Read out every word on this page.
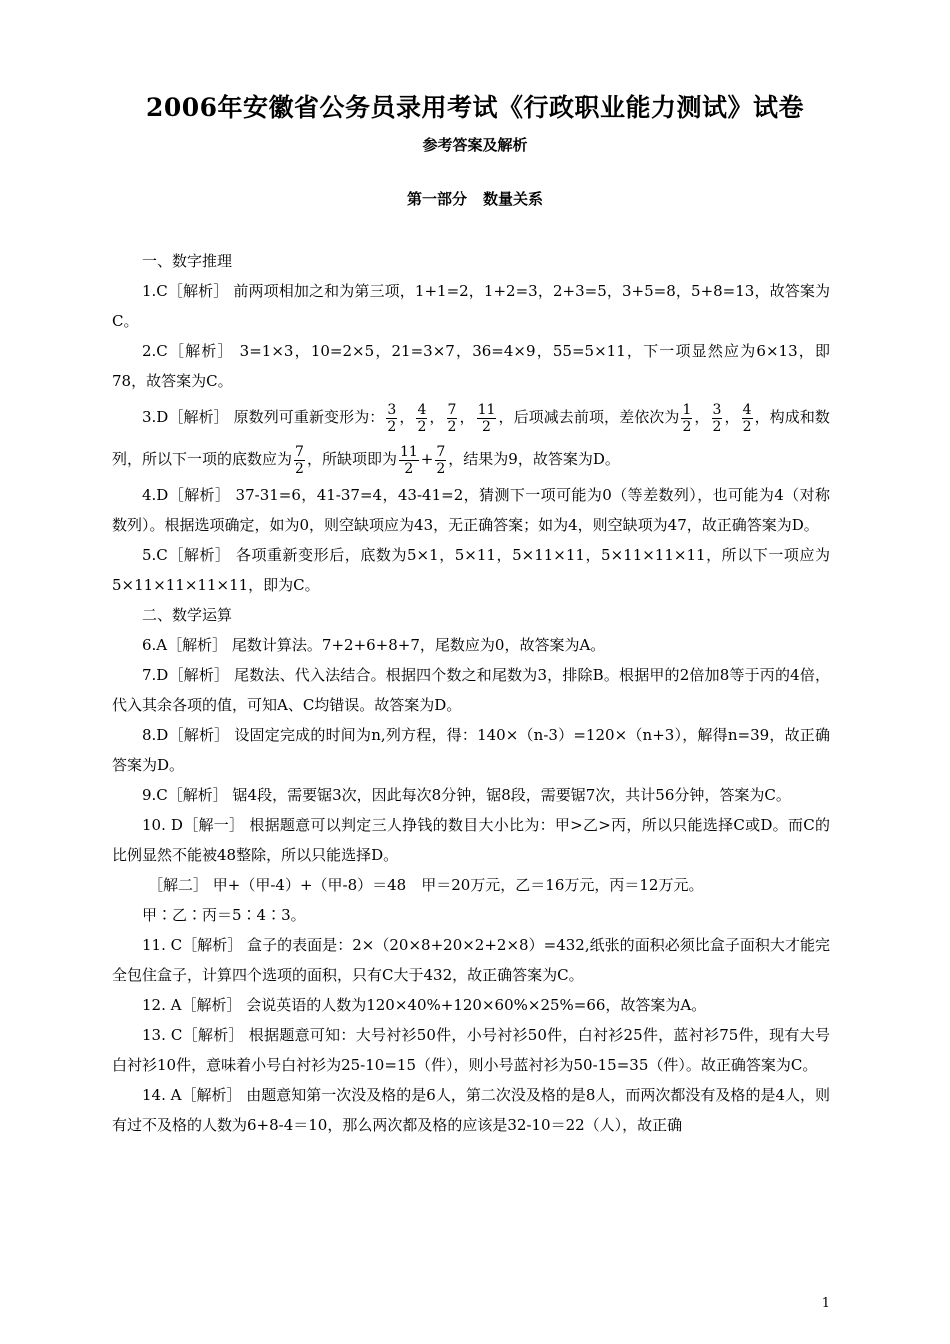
2006年安徽省公务员录用考试《行政职业能力测试》试卷
参考答案及解析
第一部分 数量关系

一、数字推理

1.C［解析］ 前两项相加之和为第三项，1+1=2，1+2=3，2+3=5，3+5=8，5+8=13，故答案为C。

2.C［解析］ 3=1×3，10=2×5，21=3×7，36=4×9，55=5×11，下一项显然应为6×13，即78，故答案为C。

3.D［解析］ 原数列可重新变形为： $\frac{3}{2}$ ， $\frac{4}{2}$ ， $\frac{7}{2}$ ， $\frac{11}{2}$ ，后项减去前项，差依次为 $\frac{1}{2}$ ， $\frac{3}{2}$ ， $\frac{4}{2}$ ，构成和数列，所以下一项的底数应为 $\frac{7}{2}$ ，所缺项即为 $\frac{11}{2} + \frac{7}{2}$ ，结果为9，故答案为D。

4.D［解析］ 37-31=6，41-37=4，43-41=2，猜测下一项可能为0（等差数列），也可能为4（对称数列）。根据选项确定，如为0，则空缺项应为43，无正确答案；如为4，则空缺项为47，故正确答案为D。

5.C［解析］ 各项重新变形后，底数为5×1，5×11，5×11×11，5×11×11×11，所以下一项应为5×11×11×11×11，即为C。

二、数学运算

6.A［解析］ 尾数计算法。7+2+6+8+7，尾数应为0，故答案为A。

7.D［解析］ 尾数法、代入法结合。根据四个数之和尾数为3，排除B。根据甲的2倍加8等于丙的4倍，代入其余各项的值，可知A、C均错误。故答案为D。

8.D［解析］ 设固定完成的时间为n,列方程，得：140×（n-3）=120×（n+3），解得n=39，故正确答案为D。

9.C［解析］ 锯4段，需要锯3次，因此每次8分钟，锯8段，需要锯7次，共计56分钟，答案为C。

10. D［解一］ 根据题意可以判定三人挣钱的数目大小比为：甲>乙>丙，所以只能选择C或D。而C的比例显然不能被48整除，所以只能选择D。

［解二］ 甲+（甲-4）+（甲-8）＝48　甲＝20万元，乙＝16万元，丙＝12万元。

甲∶乙∶丙＝5∶4∶3。

11. C［解析］ 盒子的表面是：2×（20×8+20×2+2×8）=432,纸张的面积必须比盒子面积大才能完全包住盒子，计算四个选项的面积，只有C大于432，故正确答案为C。

12. A［解析］ 会说英语的人数为120×40%+120×60%×25%=66，故答案为A。

13. C［解析］ 根据题意可知：大号衬衫50件，小号衬衫50件，白衬衫25件，蓝衬衫75件，现有大号白衬衫10件，意味着小号白衬衫为25-10=15（件），则小号蓝衬衫为50-15=35（件）。故正确答案为C。

14. A［解析］ 由题意知第一次没及格的是6人，第二次没及格的是8人，而两次都没有及格的是4人，则有过不及格的人数为6+8-4＝10，那么两次都及格的应该是32-10＝22（人），故正确

1
